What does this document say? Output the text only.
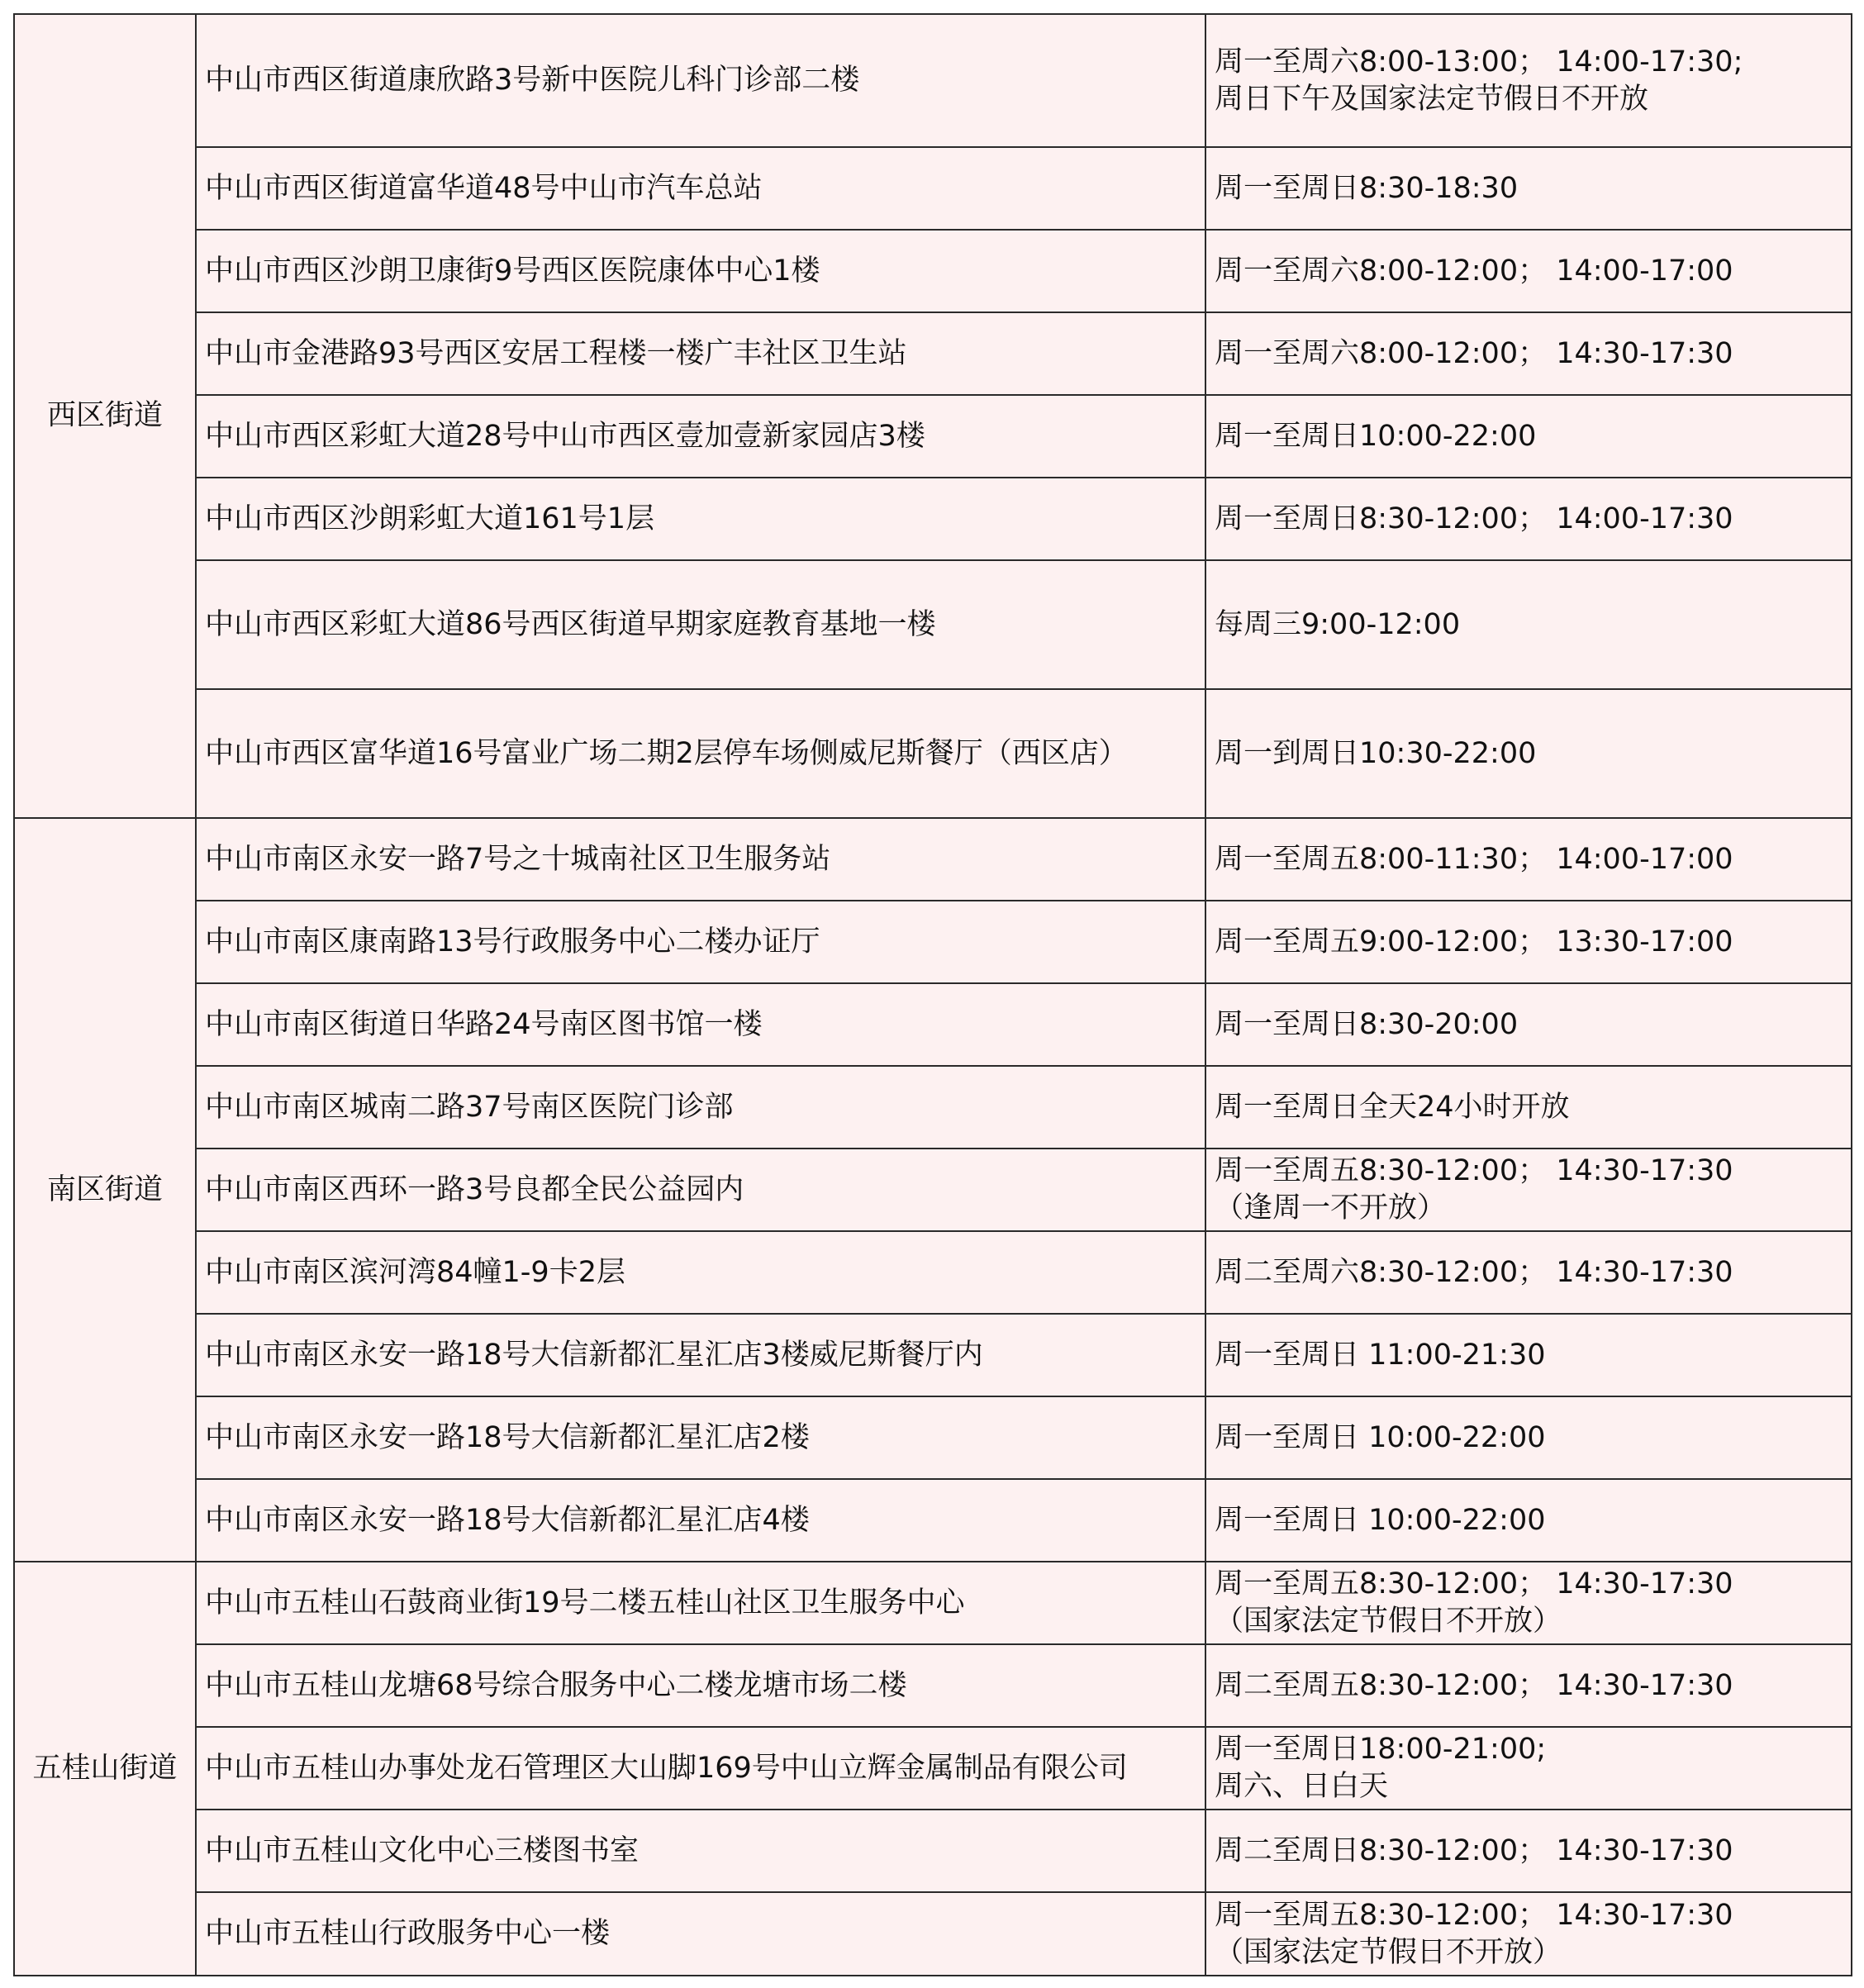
西区街道	中山市西区街道康欣路3号新中医院儿科门诊部二楼	周一至周六8:00-13:00； 14:00-17:30;
周日下午及国家法定节假日不开放

	中山市西区街道富华道48号中山市汽车总站	周一至周日8:30-18:30

	中山市西区沙朗卫康街9号西区医院康体中心1楼	周一至周六8:00-12:00； 14:00-17:00

	中山市金港路93号西区安居工程楼一楼广丰社区卫生站	周一至周六8:00-12:00； 14:30-17:30

	中山市西区彩虹大道28号中山市西区壹加壹新家园店3楼	周一至周日10:00-22:00

	中山市西区沙朗彩虹大道161号1层	周一至周日8:30-12:00； 14:00-17:30

	中山市西区彩虹大道86号西区街道早期家庭教育基地一楼	每周三9:00-12:00

	中山市西区富华道16号富业广场二期2层停车场侧威尼斯餐厅（西区店）	周一到周日10:30-22:00

南区街道	中山市南区永安一路7号之十城南社区卫生服务站	周一至周五8:00-11:30； 14:00-17:00

	中山市南区康南路13号行政服务中心二楼办证厅	周一至周五9:00-12:00； 13:30-17:00

	中山市南区街道日华路24号南区图书馆一楼	周一至周日8:30-20:00

	中山市南区城南二路37号南区医院门诊部	周一至周日全天24小时开放

	中山市南区西环一路3号良都全民公益园内	周一至周五8:30-12:00； 14:30-17:30
（逢周一不开放）

	中山市南区滨河湾84幢1-9卡2层	周二至周六8:30-12:00； 14:30-17:30

	中山市南区永安一路18号大信新都汇星汇店3楼威尼斯餐厅内	周一至周日 11:00-21:30

	中山市南区永安一路18号大信新都汇星汇店2楼	周一至周日 10:00-22:00

	中山市南区永安一路18号大信新都汇星汇店4楼	周一至周日 10:00-22:00

五桂山街道	中山市五桂山石鼓商业街19号二楼五桂山社区卫生服务中心	周一至周五8:30-12:00； 14:30-17:30
（国家法定节假日不开放）

	中山市五桂山龙塘68号综合服务中心二楼龙塘市场二楼	周二至周五8:30-12:00； 14:30-17:30

	中山市五桂山办事处龙石管理区大山脚169号中山立辉金属制品有限公司	周一至周日18:00-21:00;
周六、日白天

	中山市五桂山文化中心三楼图书室	周二至周日8:30-12:00； 14:30-17:30

	中山市五桂山行政服务中心一楼	周一至周五8:30-12:00； 14:30-17:30
（国家法定节假日不开放）
